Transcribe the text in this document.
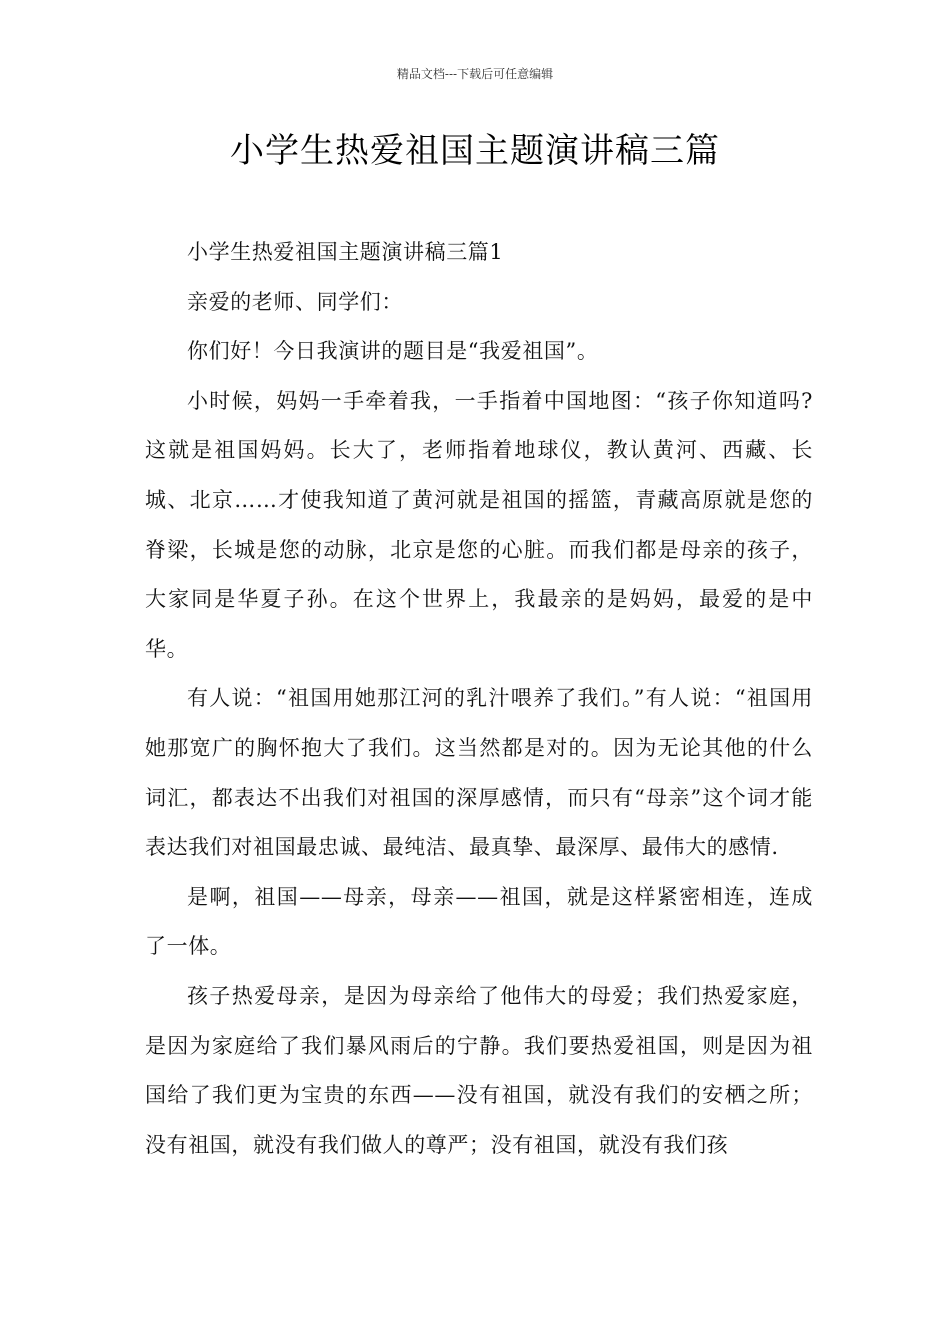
精品文档---下载后可任意编辑
小学生热爱祖国主题演讲稿三篇

小学生热爱祖国主题演讲稿三篇1

亲爱的老师、同学们：

你们好！今日我演讲的题目是“我爱祖国”。

小时候，妈妈一手牵着我，一手指着中国地图：“孩子你知道吗?这就是祖国妈妈。长大了，老师指着地球仪，教认黄河、西藏、长城、北京……才使我知道了黄河就是祖国的摇篮，青藏高原就是您的脊梁，长城是您的动脉，北京是您的心脏。而我们都是母亲的孩子，大家同是华夏子孙。在这个世界上，我最亲的是妈妈，最爱的是中华。

有人说：“祖国用她那江河的乳汁喂养了我们。”有人说：“祖国用她那宽广的胸怀抱大了我们。这当然都是对的。因为无论其他的什么词汇，都表达不出我们对祖国的深厚感情，而只有“母亲”这个词才能表达我们对祖国最忠诚、最纯洁、最真挚、最深厚、最伟大的感情.

是啊，祖国——母亲，母亲——祖国，就是这样紧密相连，连成了一体。

孩子热爱母亲，是因为母亲给了他伟大的母爱；我们热爱家庭，是因为家庭给了我们暴风雨后的宁静。我们要热爱祖国，则是因为祖国给了我们更为宝贵的东西——没有祖国，就没有我们的安栖之所；没有祖国，就没有我们做人的尊严；没有祖国，就没有我们孩
